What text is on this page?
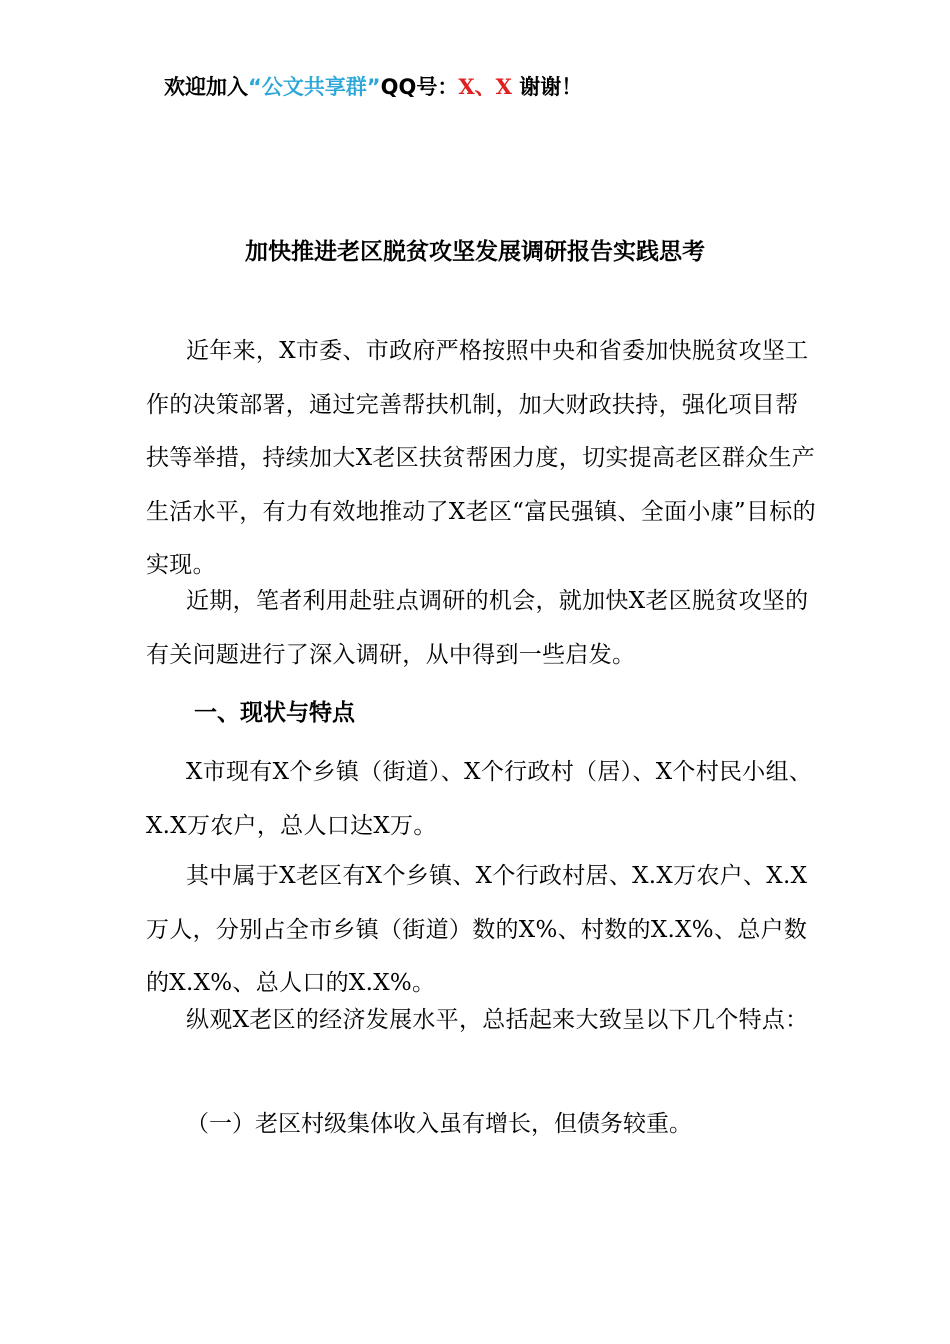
欢迎加入“公文共享群”QQ号：X、X 谢谢！
加快推进老区脱贫攻坚发展调研报告实践思考
近年来，X市委、市政府严格按照中央和省委加快脱贫攻坚工作的决策部署，通过完善帮扶机制，加大财政扶持，强化项目帮扶等举措，持续加大X老区扶贫帮困力度，切实提高老区群众生产生活水平，有力有效地推动了X老区“富民强镇、全面小康”目标的实现。
近期，笔者利用赴驻点调研的机会，就加快X老区脱贫攻坚的有关问题进行了深入调研，从中得到一些启发。
一、现状与特点
X市现有X个乡镇（街道）、X个行政村（居）、X个村民小组、X.X万农户，总人口达X万。
其中属于X老区有X个乡镇、X个行政村居、X.X万农户、X.X万人，分别占全市乡镇（街道）数的X%、村数的X.X%、总户数的X.X%、总人口的X.X%。
纵观X老区的经济发展水平，总括起来大致呈以下几个特点：
（一）老区村级集体收入虽有增长，但债务较重。
